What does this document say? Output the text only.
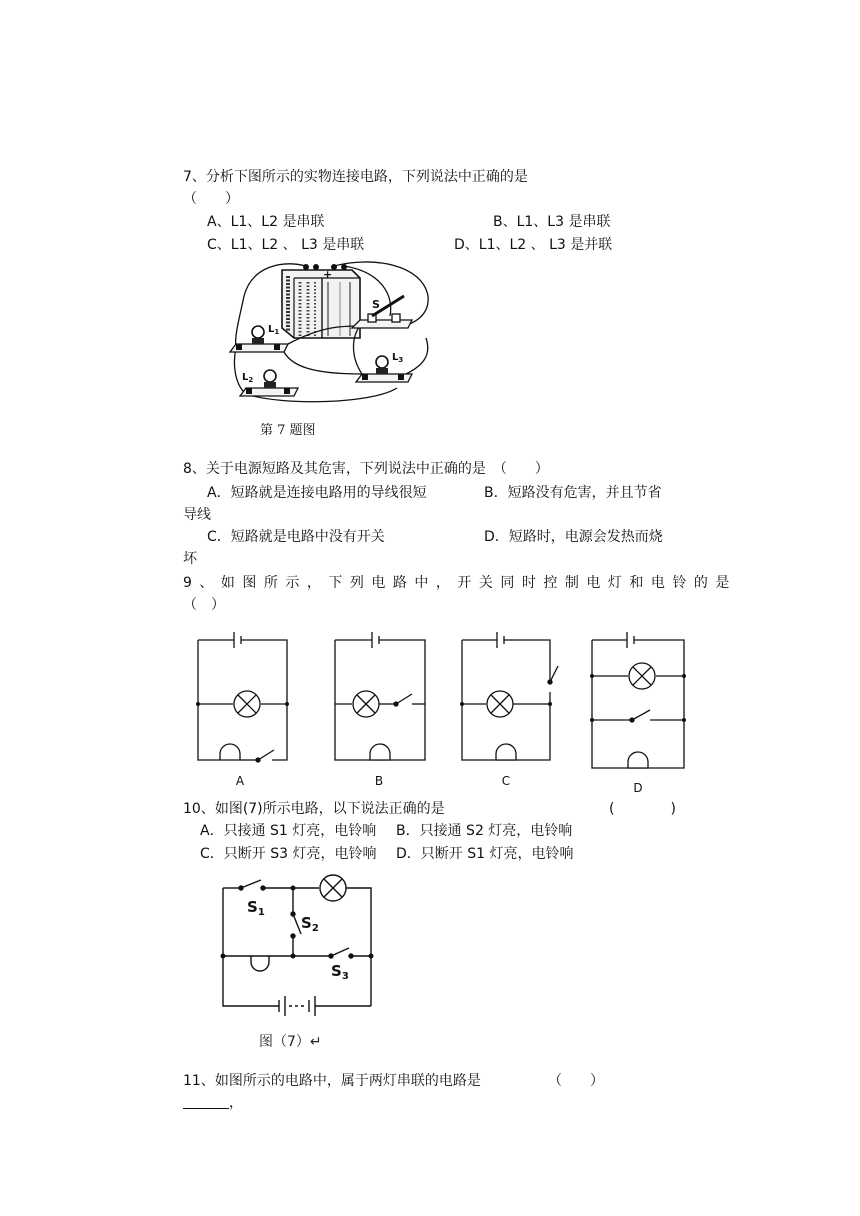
7、分析下图所示的实物连接电路，下列说法中正确的是
（　　）
A、L1、L2 是串联	B、L1、L3 是串联
C、L1、L2 、 L3 是串联	D、L1、L2 、 L3 是并联
+
S
$L_1$
$L_2$
$L_3$
第 7 题图
8、关于电源短路及其危害，下列说法中正确的是　（　　）
A．短路就是连接电路用的导线很短	B．短路没有危害，并且节省
导线
C．短路就是电路中没有开关	D．短路时，电源会发热而烧
坏
9、如图所示，下列电路中，开关同时控制电灯和电铃的是
（　）
A	B	C	D
10、如图(7)所示电路，以下说法正确的是	(　　　　)
A．只接通 S1 灯亮，电铃响 B．只接通 S2 灯亮，电铃响
C．只断开 S3 灯亮，电铃响 D．只断开 S1 灯亮，电铃响
$S_1$
$S_2$
$S_3$
图（7）↵
11、如图所示的电路中，属于两灯串联的电路是	（　　）
，
